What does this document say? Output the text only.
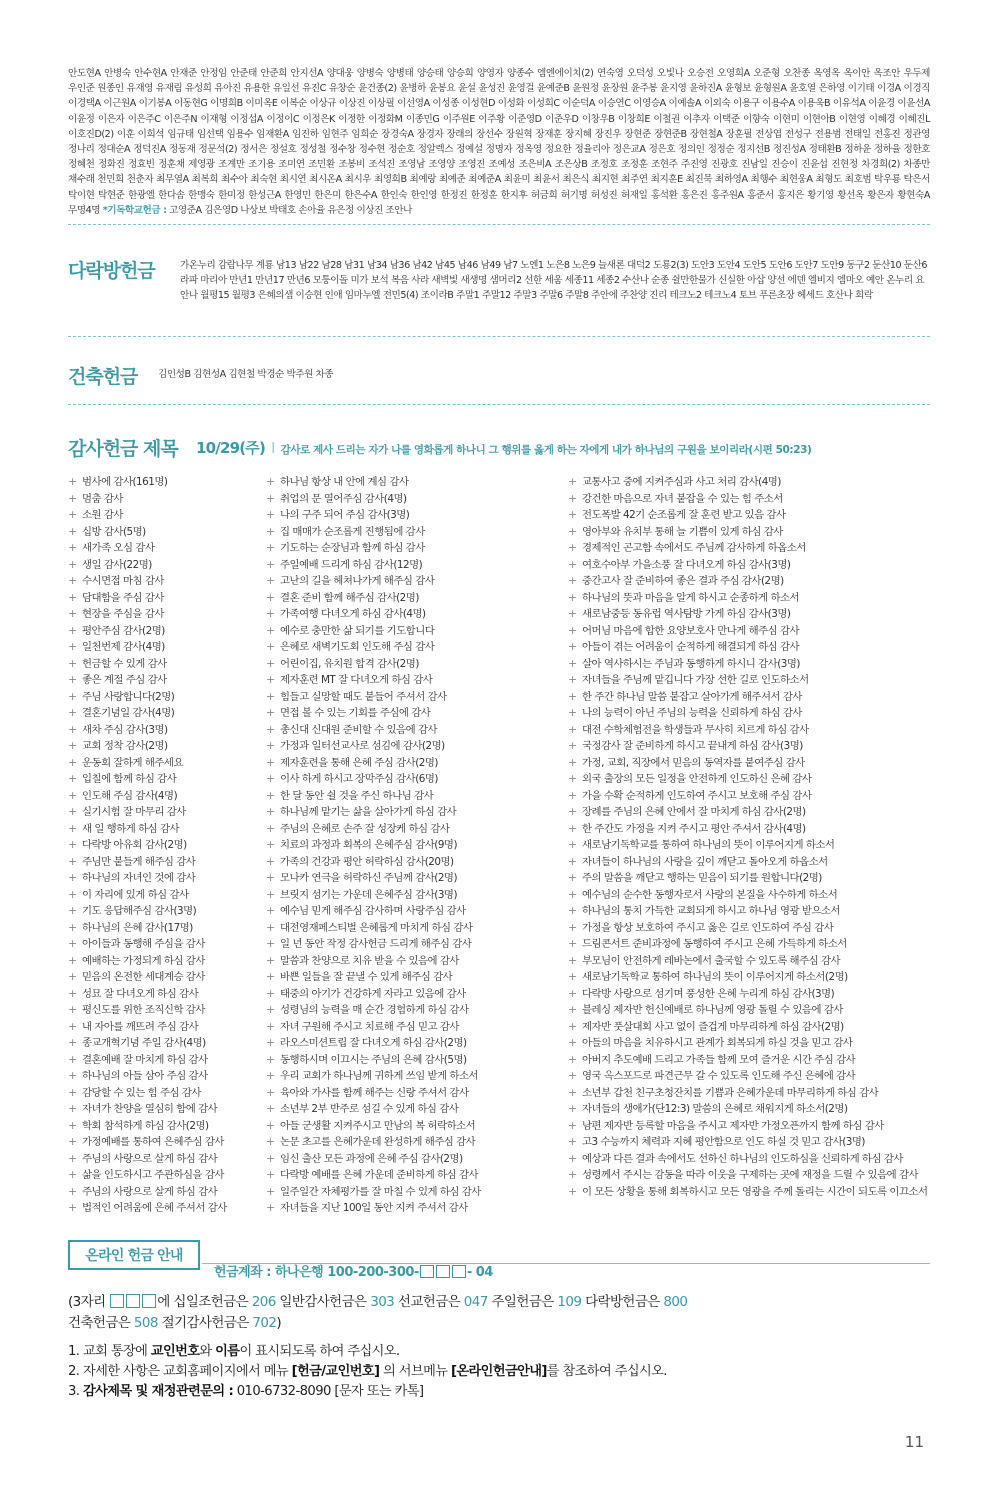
안도현A 안병숙 안수현A 안재준 안정임 안준태 안준희 안지선A 양대웅 양병숙 양병태 양승태 양승희 양영자 양종수 엠엔에이치(2) 연숙영 오덕성 오빛나 오승전 오영희A 오준형 오찬종 옥영옥 옥이안 옥조안 우두제 우인준 원종인 유재영 유재림 유성희 유아진 유용한 유일선 유진C 유창순 윤건종(2) 윤병하 윤봉요 윤설 윤성진 윤영걸 윤예준B 윤원정 윤장원 윤주봉 윤지영 윤하진A 윤형보 윤형원A 윤호열 은하영 이기태 이경A 이경직 이경택A 이근원A 이기봉A 이동현G 이명희B 이미옥E 이복순 이상규 이상진 이상필 이선영A 이성종 이성현D 이성화 이성희C 이순덕A 이승연C 이영승A 이예솔A 이외숙 이용구 이용수A 이용욱B 이유석A 이윤경 이윤선A 이윤정 이은자 이은주C 이은주N 이재형 이정섭A 이정이C 이정은K 이정한 이정화M 이종민G 이주원E 이주황 이준영D 이준우D 이창우B 이창희E 이철권 이추자 이택준 이향숙 이현미 이현아B 이현영 이혜경 이혜진L 이호진D(2) 이훈 이희석 임규태 임선택 임용수 임재환A 임진하 임현주 임희순 장경숙A 장경자 장래의 장선수 장원혁 장재훈 장지혜 장진우 장현준 장현준B 장현철A 장훈필 전상엽 전성구 전용범 전태일 전홍진 정관영 정나리 정대순A 정덕진A 정동재 정문석(2) 정서은 정설호 정성철 정수창 정수현 정순호 정알렉스 정예설 정명자 정옥영 정요한 정율리아 정은교A 정은호 정의인 정정순 정지선B 정진성A 정태환B 정하윤 정하율 정한호 정혜천 정화진 정효빈 정훈채 제영광 조계만 조기용 조미연 조민환 조봉비 조석진 조영남 조영양 조영진 조예성 조은비A 조은상B 조정호 조정훈 조현주 주진영 진광호 진남일 진승이 진윤섭 진현정 차경희(2) 차종만 채수래 천민희 천춘자 최무열A 최복희 최수아 최숙현 최시연 최시온A 최시우 최영희B 최예랑 최예준 최예준A 최윤미 최윤서 최은식 최지현 최주연 최지훈E 최진묵 최하영A 최행수 최현웅A 최형도 최호범 탁우룡 탁은서 탁이현 탁현준 한광엘 한다솜 한맹숙 한미정 한성근A 한영민 한은미 한은수A 한인숙 한인영 한정진 한정훈 한지후 허금희 허기명 허성진 허재일 홍석환 홍은진 홍주원A 홍준서 홍지은 황기영 황선옥 황은자 황현숙A 무명4명 *기독학교헌금 : 고영준A 김은영D 나상보 박태호 손아율 유은정 이상진 조안나
다락방헌금	가온누리 감람나무 계룡 남13 남22 남28 남31 남34 남36 남42 남45 남46 남49 남7 노엔1 노은8 노은9 늘새론 대덕2 도룡2(3) 도안3 도안4 도안5 도안6 도안7 도안9 동구2 둔산10 둔산6 라파 마리아 만년1 만년17 만년6 모퉁이돌 미가 보석 복음 사라 새벽빛 새생명 샘머리2 선한 세움 세종11 세종2 수산나 순종 쉴만한물가 신실한 아삽 양선 에덴 엘비지 엠마오 예안 온누리 요안나 월평15 월평3 은혜의샘 이승현 인애 임마누엘 전민5(4) 조이라B 주말1 주말12 주말3 주말6 주말8 주안에 주찬양 진리 테크노2 테크노4 토브 푸른초장 헤세드 호산나 희락
건축헌금 김인성B 김현성A 김현철 박경순 박주원 차종
감사헌금 제목 10/29(주) I 감사로 제사 드리는 자가 나를 영화롭게 하나니 그 행위를 옳게 하는 자에게 내가 하나님의 구원을 보이리라(시편 50:23)
+ 범사에 감사(161명)
+ 멈춤 감사
+ 소원 감사
+ 십방 감사(5명)
+ 새가족 오심 감사
+ 생일 감사(22명)
+ 수시면접 마침 감사
+ 담대함을 주심 감사
+ 현장을 주심을 감사
+ 평안주심 감사(2명)
+ 일천번제 감사(4명)
+ 헌금할 수 있게 감사
+ 좋은 계절 주심 감사
+ 주님 사랑합니다(2명)
+ 결혼기념일 감사(4명)
+ 새차 주심 감사(3명)
+ 교회 정착 감사(2명)
+ 운동회 잘하게 해주세요
+ 입칠에 함께 하심 감사
+ 인도해 주심 감사(4명)
+ 실기시험 잘 마무리 감사
+ 새 일 행하게 하심 감사
+ 다락방 아유회 감사(2명)
+ 주님만 붙들게 해주심 감사
+ 하나님의 자녀인 것에 감사
+ 이 자리에 있게 하심 감사
+ 기도 응답해주심 감사(3명)
+ 하나님의 은혜 감사(17명)
+ 아이들과 동행해 주심을 감사
+ 예배하는 가정되게 하심 감사
+ 믿음의 온전한 세대계승 감사
+ 성묘 잘 다녀오게 하심 감사
+ 평신도를 위한 조직신학 감사
+ 내 자아를 깨뜨려 주심 감사
+ 종교개혁기념 주일 감사(4명)
+ 결혼예배 잘 마치게 하심 감사
+ 하나님의 아들 삼아 주심 감사
+ 감당할 수 있는 힘 주심 감사
+ 자녀가 찬양을 열심히 함에 감사
+ 학회 참석하게 하심 감사(2명)
+ 가정예배를 통하여 은혜주심 감사
+ 주님의 사랑으로 살게 하심 감사
+ 삶을 인도하시고 주관하심을 감사
+ 주님의 사랑으로 살게 하심 감사
+ 법적인 어려움에 은혜 주셔서 감사
+ 하나님 항상 내 안에 계심 감사
+ 취업의 문 열어주심 감사(4명)
+ 나의 구주 되어 주심 감사(3명)
+ 집 매매가 순조롭게 진행됨에 감사
+ 기도하는 순장님과 함께 하심 감사
+ 주일예배 드리게 하심 감사(12명)
+ 고난의 길을 헤쳐나가게 해주심 감사
+ 결혼 준비 함께 해주심 감사(2명)
+ 가족여행 다녀오게 하심 감사(4명)
+ 예수로 충만한 삶 되기를 기도합니다
+ 은혜로 새벽기도회 인도해 주심 감사
+ 어린이집, 유치원 합격 감사(2명)
+ 제자훈련 MT 잘 다녀오게 하심 감사
+ 힘들고 실망할 때도 붙들어 주셔서 감사
+ 면접 볼 수 있는 기회를 주심에 감사
+ 총신대 신대원 준비할 수 있음에 감사
+ 가정과 일터선교사로 섬김에 감사(2명)
+ 제자훈련을 통해 은혜 주심 감사(2명)
+ 이사 하게 하시고 장막주심 감사(6명)
+ 한 달 동안 쉴 것을 주신 하나님 감사
+ 하나님께 맡기는 삶을 살아가게 하심 감사
+ 주님의 은혜로 손주 잘 성장케 하심 감사
+ 치료의 과정과 회복의 은혜주심 감사(9명)
+ 가족의 건강과 평안 허락하심 감사(20명)
+ 모나카 연극을 허락하신 주님께 감사(2명)
+ 브릿지 섬기는 가운데 은혜주심 감사(3명)
+ 예수님 믿게 해주심 감사하며 사랑주심 감사
+ 대전영재페스티벌 은혜롭게 마치게 하심 감사
+ 일 년 동안 작정 감사헌금 드리게 해주심 감사
+ 말씀과 찬양으로 치유 받을 수 있음에 감사
+ 바쁜 일들을 잘 끝낼 수 있게 해주심 감사
+ 태중의 아기가 건강하게 자라고 있음에 감사
+ 성령님의 능력을 매 순간 경험하게 하심 감사
+ 자녀 구원해 주시고 치료해 주심 믿고 감사
+ 라오스미션트립 잘 다녀오게 하심 감사(2명)
+ 동행하시며 이끄시는 주님의 은혜 감사(5명)
+ 우리 교회가 하나님께 귀하게 쓰임 받게 하소서
+ 육아와 가사를 함께 해주는 신랑 주셔서 감사
+ 소년부 2부 반주로 섬길 수 있게 하심 감사
+ 아들 군생활 지켜주시고 만남의 복 허락하소서
+ 논문 초고를 은혜가운데 완성하게 해주심 감사
+ 임신 출산 모든 과정에 은혜 주심 감사(2명)
+ 다락방 예배를 은혜 가운데 준비하게 하심 감사
+ 일주일간 자체평가를 잘 마칠 수 있게 하심 감사
+ 자녀들을 지난 100일 동안 지켜 주셔서 감사
+ 교통사고 중에 지켜주심과 사고 처리 감사(4명)
+ 강건한 마음으로 자녀 붙잡을 수 있는 힘 주소서
+ 전도폭발 42기 순조롭게 잘 훈련 받고 있음 감사
+ 영아부와 유치부 통해 늘 기쁨이 있게 하심 감사
+ 경제적인 곤고함 속에서도 주님께 감사하게 하옵소서
+ 여호수아부 가을소풍 잘 다녀오게 하심 감사(3명)
+ 중간고사 잘 준비하여 좋은 결과 주심 감사(2명)
+ 하나님의 뜻과 마음을 알게 하시고 순종하게 하소서
+ 새로남중등 동유럽 역사탐방 가게 하심 감사(3명)
+ 어머님 마음에 합한 요양보호사 만나게 해주심 감사
+ 아들이 겪는 어려움이 순적하게 해결되게 하심 감사
+ 살아 역사하시는 주님과 동행하게 하시니 감사(3명)
+ 자녀들을 주님께 맡깁니다 가장 선한 길로 인도하소서
+ 한 주간 하나님 말씀 붙잡고 살아가게 해주셔서 감사
+ 나의 능력이 아닌 주님의 능력을 신뢰하게 하심 감사
+ 대전 수학체험전을 학생들과 무사히 치르게 하심 감사
+ 국정감사 잘 준비하게 하시고 끝내게 하심 감사(3명)
+ 가정, 교회, 직장에서 믿음의 동역자를 붙여주심 감사
+ 외국 출장의 모든 일정을 안전하게 인도하신 은혜 감사
+ 가을 수확 순적하게 인도하여 주시고 보호해 주심 감사
+ 장례를 주님의 은혜 안에서 잘 마치게 하심 감사(2명)
+ 한 주간도 가정을 지켜 주시고 평안 주셔서 감사(4명)
+ 새로남기독학교를 통하여 하나님의 뜻이 이루어지게 하소서
+ 자녀들이 하나님의 사랑을 깊이 깨닫고 돌아오게 하옵소서
+ 주의 말씀을 깨닫고 행하는 믿음이 되기를 원합니다(2명)
+ 예수님의 순수한 동행자로서 사랑의 본질을 사수하게 하소서
+ 하나님의 통치 가득한 교회되게 하시고 하나님 영광 받으소서
+ 가정을 항상 보호하여 주시고 옳은 길로 인도하여 주심 감사
+ 드림콘서트 준비과정에 동행하여 주시고 은혜 가득하게 하소서
+ 부모님이 안전하게 레바논에서 출국할 수 있도록 해주심 감사
+ 새로남기독학교 통하여 하나님의 뜻이 이루어지게 하소서(2명)
+ 다락방 사랑으로 섬기며 풍성한 은혜 누리게 하심 감사(3명)
+ 블레싱 제자반 헌신예배로 하나님께 영광 돌릴 수 있음에 감사
+ 제자반 풋살대회 사고 없이 즐겁게 마무리하게 하심 감사(2명)
+ 아들의 마음을 치유하시고 관계가 회복되게 하실 것을 믿고 감사
+ 아버지 추도예배 드리고 가족들 함께 모여 즐거운 시간 주심 감사
+ 영국 옥스포드로 파견근무 갈 수 있도록 인도해 주신 은혜에 감사
+ 소년부 갑천 친구초청잔치를 기쁨과 은혜가운데 마무리하게 하심 감사
+ 자녀들의 생애가(단12:3) 말씀의 은혜로 채워지게 하소서(2명)
+ 남편 제자반 등록할 마음을 주시고 제자반 가정오픈까지 함께 하심 감사
+ 고3 수능까지 체력과 지혜 평안함으로 인도 하실 것 믿고 감사(3명)
+ 예상과 다른 결과 속에서도 선하신 하나님의 인도하심을 신뢰하게 하심 감사
+ 성령께서 주시는 감동을 따라 이웃을 구제하는 곳에 재정을 드릴 수 있음에 감사
+ 이 모든 상황을 통해 회복하시고 모든 영광을 주께 돌리는 시간이 되도록 이끄소서
온라인 헌금 안내
헌금계좌 : 하나은행 100-200-300-	- 04
(3자리	에 십일조헌금은 206 일반감사헌금은 303 선교헌금은 047 주일헌금은 109 다락방헌금은 800
건축헌금은 508 절기감사헌금은 702)
1. 교회 통장에 교인번호와 이름이 표시되도록 하여 주십시오.
2. 자세한 사항은 교회홈페이지에서 메뉴 [헌금/교인번호] 의 서브메뉴 [온라인헌금안내]를 참조하여 주십시오.
3. 감사제목 및 재정관련문의 : 010-6732-8090 [문자 또는 카톡]
11
